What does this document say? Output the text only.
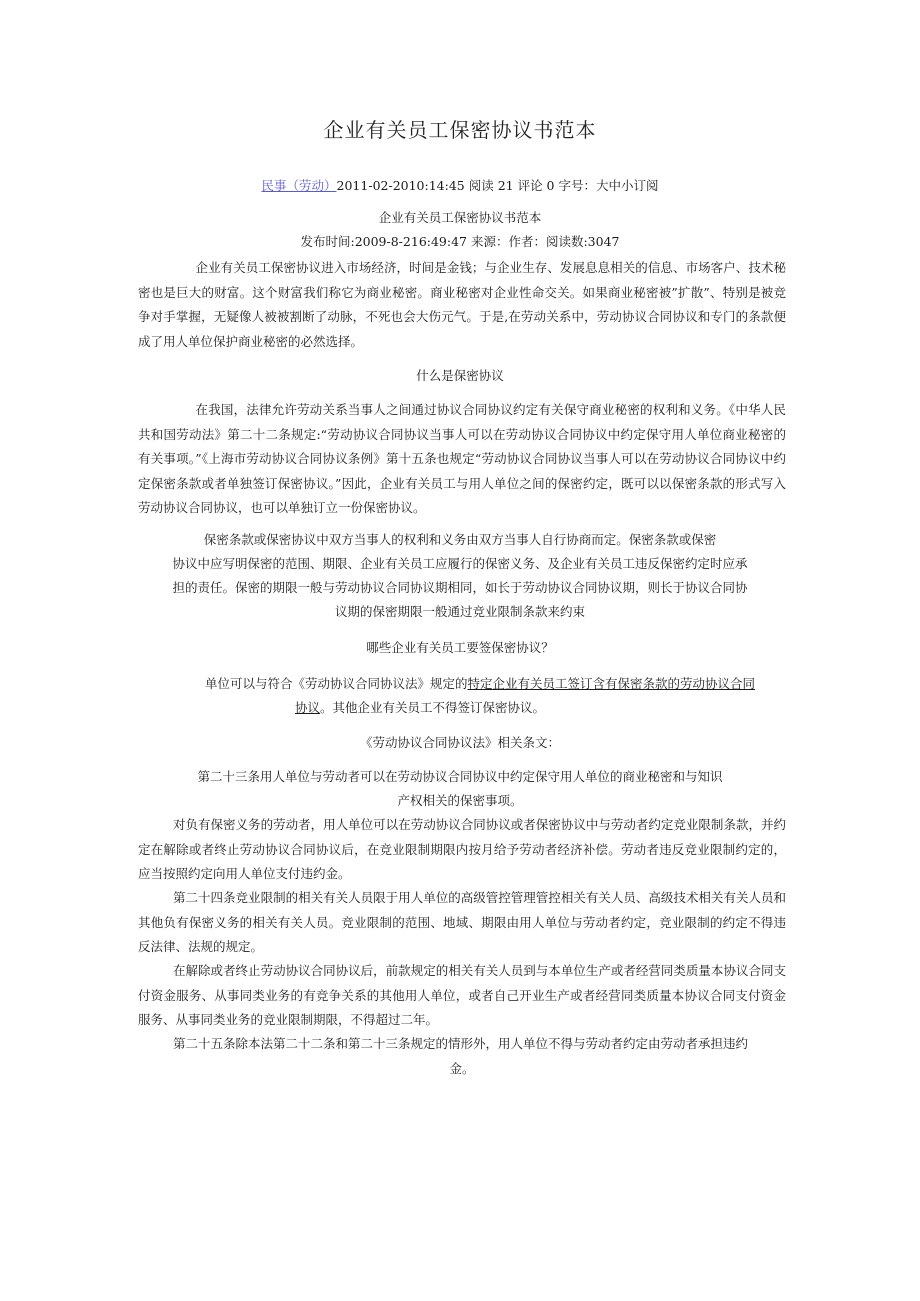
企业有关员工保密协议书范本
民事（劳动）2011-02-2010:14:45 阅读 21 评论 0 字号：大中小订阅
企业有关员工保密协议书范本
发布时间:2009-8-216:49:47 来源：作者：阅读数:3047
企业有关员工保密协议进入市场经济，时间是金钱；与企业生存、发展息息相关的信息、市场客户、技术秘密也是巨大的财富。这个财富我们称它为商业秘密。商业秘密对企业性命交关。如果商业秘密被”扩散”、特别是被竞争对手掌握，无疑像人被被割断了动脉，不死也会大伤元气。于是,在劳动关系中，劳动协议合同协议和专门的条款便成了用人单位保护商业秘密的必然选择。
什么是保密协议
在我国，法律允许劳动关系当事人之间通过协议合同协议约定有关保守商业秘密的权利和义务。《中华人民共和国劳动法》第二十二条规定:“劳动协议合同协议当事人可以在劳动协议合同协议中约定保守用人单位商业秘密的有关事项。”《上海市劳动协议合同协议条例》第十五条也规定“劳动协议合同协议当事人可以在劳动协议合同协议中约定保密条款或者单独签订保密协议。”因此，企业有关员工与用人单位之间的保密约定，既可以以保密条款的形式写入劳动协议合同协议，也可以单独订立一份保密协议。
保密条款或保密协议中双方当事人的权利和义务由双方当事人自行协商而定。保密条款或保密
协议中应写明保密的范围、期限、企业有关员工应履行的保密义务、及企业有关员工违反保密约定时应承
担的责任。保密的期限一般与劳动协议合同协议期相同，如长于劳动协议合同协议期，则长于协议合同协
议期的保密期限一般通过竞业限制条款来约束
哪些企业有关员工要签保密协议？
单位可以与符合《劳动协议合同协议法》规定的特定企业有关员工签订含有保密条款的劳动协议合同
协议。其他企业有关员工不得签订保密协议。
《劳动协议合同协议法》相关条文：
第二十三条用人单位与劳动者可以在劳动协议合同协议中约定保守用人单位的商业秘密和与知识
产权相关的保密事项。
对负有保密义务的劳动者，用人单位可以在劳动协议合同协议或者保密协议中与劳动者约定竞业限制条款，并约定在解除或者终止劳动协议合同协议后，在竞业限制期限内按月给予劳动者经济补偿。劳动者违反竞业限制约定的，应当按照约定向用人单位支付违约金。
第二十四条竞业限制的相关有关人员限于用人单位的高级管控管理管控相关有关人员、高级技术相关有关人员和其他负有保密义务的相关有关人员。竞业限制的范围、地域、期限由用人单位与劳动者约定，竞业限制的约定不得违反法律、法规的规定。
在解除或者终止劳动协议合同协议后，前款规定的相关有关人员到与本单位生产或者经营同类质量本协议合同支付资金服务、从事同类业务的有竞争关系的其他用人单位，或者自己开业生产或者经营同类质量本协议合同支付资金服务、从事同类业务的竞业限制期限，不得超过二年。
第二十五条除本法第二十二条和第二十三条规定的情形外，用人单位不得与劳动者约定由劳动者承担违约
金。
